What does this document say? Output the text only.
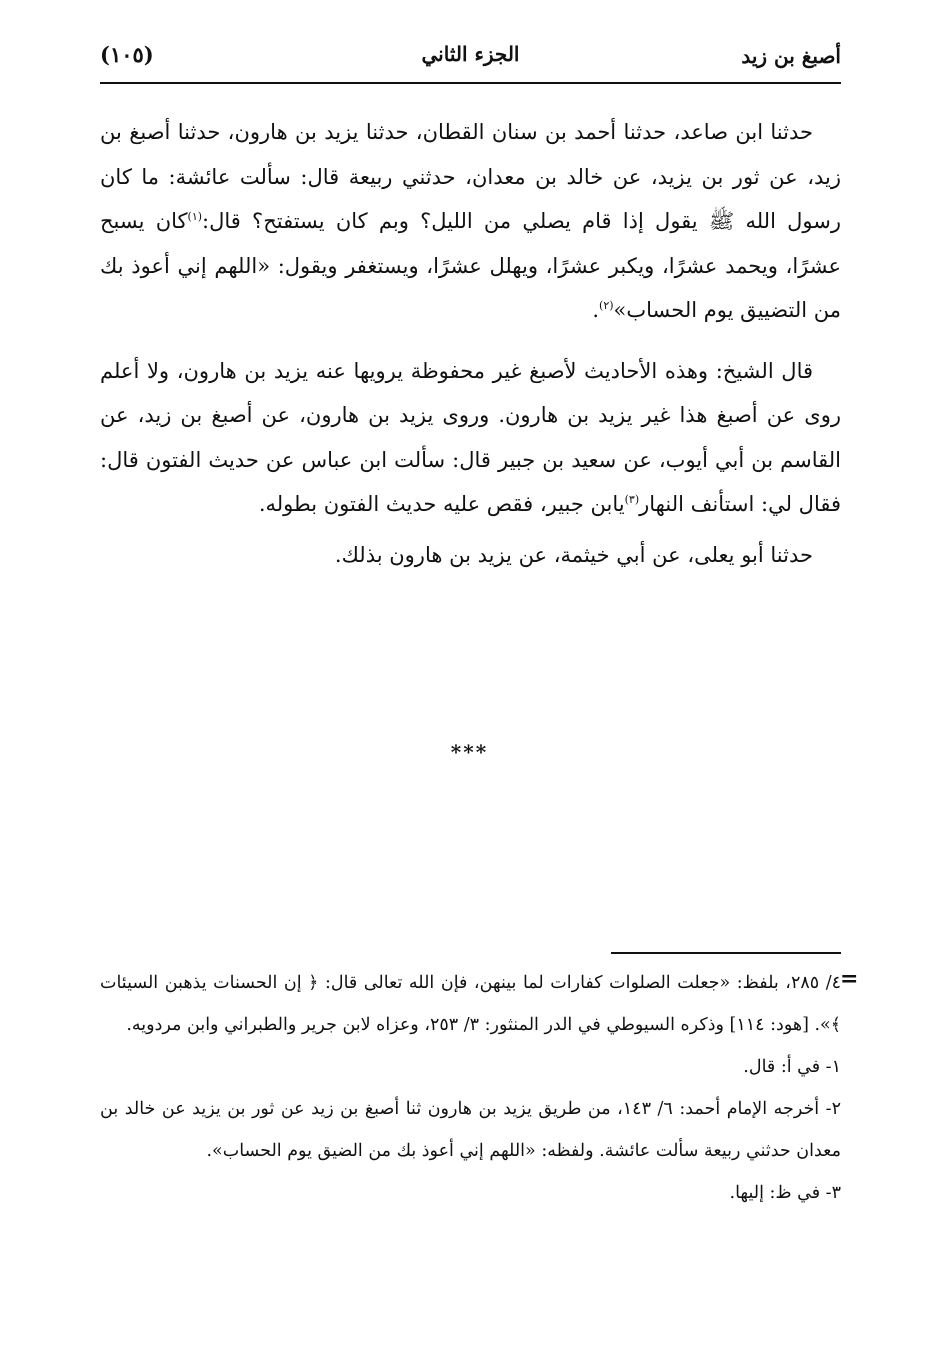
أصبغ بن زيد
الجزء الثاني
(١٠٥)

حدثنا ابن صاعد، حدثنا أحمد بن سنان القطان، حدثنا يزيد بن هارون، حدثنا أصبغ بن زيد، عن ثور بن يزيد، عن خالد بن معدان، حدثني ربيعة قال: سألت عائشة: ما كان رسول الله ﷺ يقول إذا قام يصلي من الليل؟ وبم كان يستفتح؟ قال:$^{(١)}$كان يسبح عشرًا، ويحمد عشرًا، ويكبر عشرًا، ويهلل عشرًا، ويستغفر ويقول: «اللهم إني أعوذ بك من التضييق يوم الحساب»$^{(٢)}$.

قال الشيخ: وهذه الأحاديث لأصبغ غير محفوظة يرويها عنه يزيد بن هارون، ولا أعلم روى عن أصبغ هذا غير يزيد بن هارون. وروى يزيد بن هارون، عن أصبغ بن زيد، عن القاسم بن أبي أيوب، عن سعيد بن جبير قال: سألت ابن عباس عن حديث الفتون قال: فقال لي: استأنف النهار$^{(٣)}$يابن جبير، فقص عليه حديث الفتون بطوله.

حدثنا أبو يعلى، عن أبي خيثمة، عن يزيد بن هارون بذلك.

***
=

٤/ ٢٨٥، بلفظ: «جعلت الصلوات كفارات لما بينهن، فإن الله تعالى قال: ﴿ إن الحسنات يذهبن السيئات ﴾». [هود: ١١٤] وذكره السيوطي في الدر المنثور: ٣/ ٢٥٣، وعزاه لابن جرير والطبراني وابن مردويه.

١- في أ: قال.

٢- أخرجه الإمام أحمد: ٦/ ١٤٣، من طريق يزيد بن هارون ثنا أصبغ بن زيد عن ثور بن يزيد عن خالد بن معدان حدثني ربيعة سألت عائشة. ولفظه: «اللهم إني أعوذ بك من الضيق يوم الحساب».

٣- في ظ: إليها.
